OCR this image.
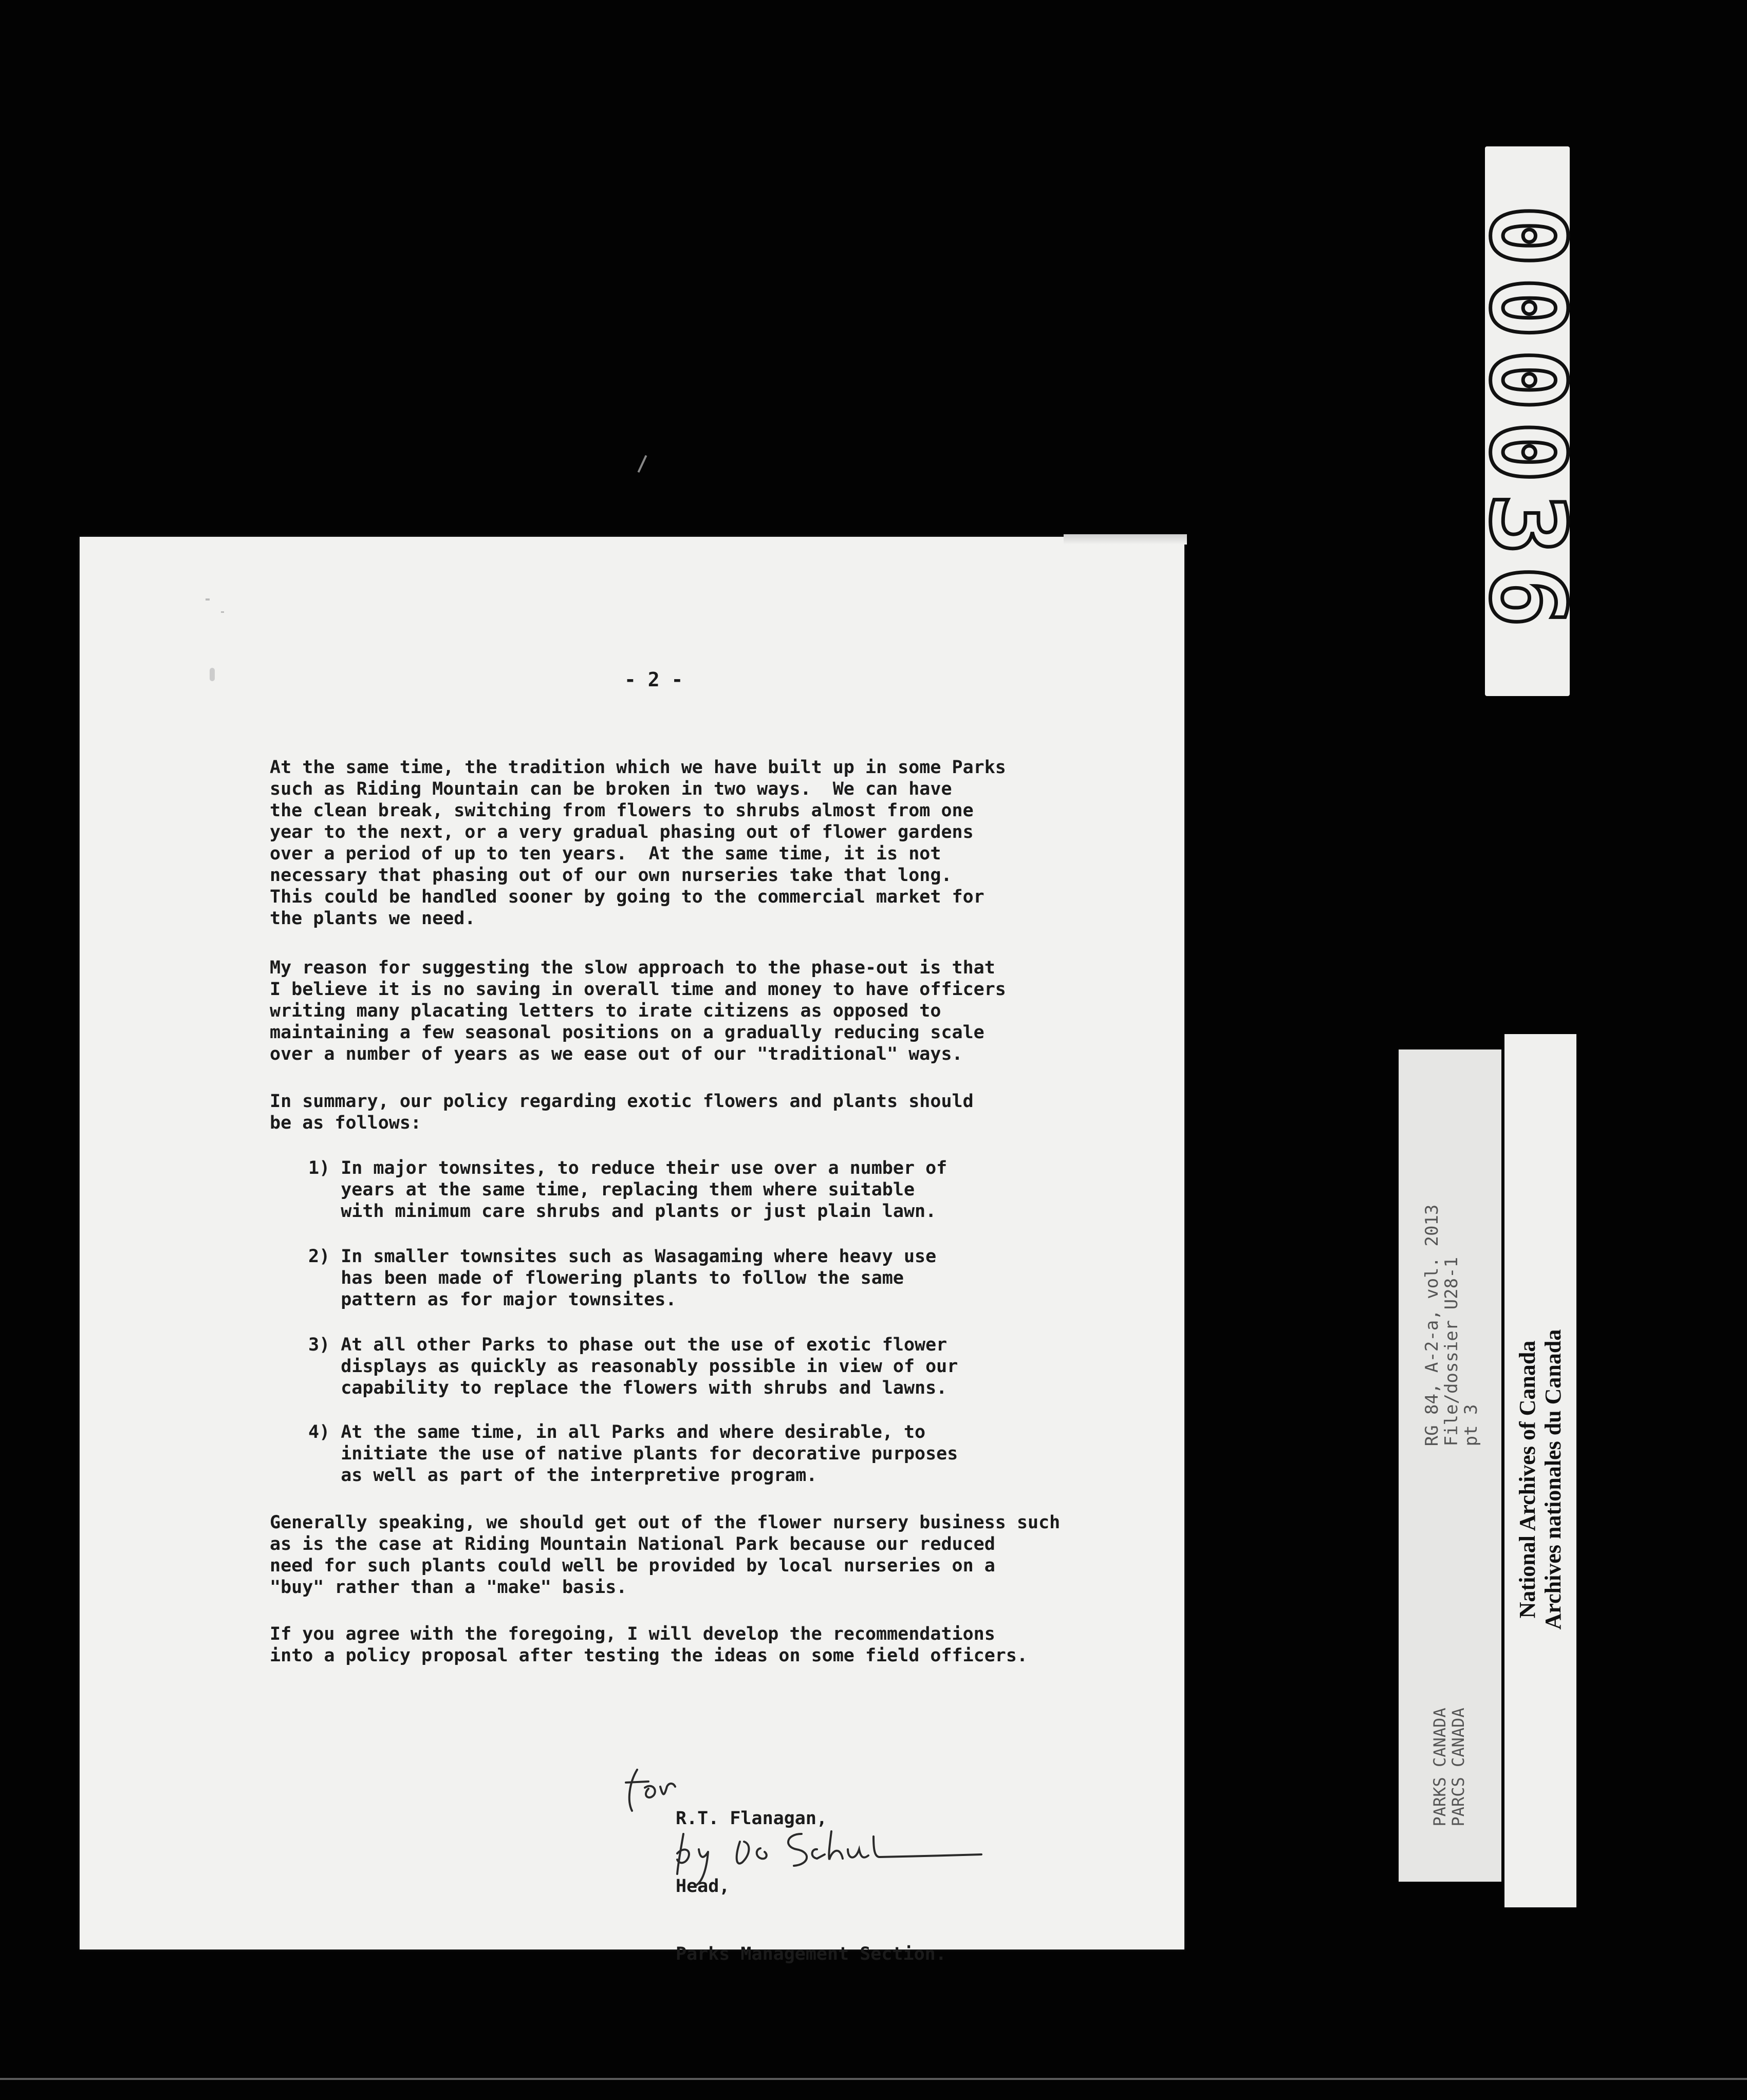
- 2 -
At the same time, the tradition which we have built up in some Parks
such as Riding Mountain can be broken in two ways.  We can have
the clean break, switching from flowers to shrubs almost from one
year to the next, or a very gradual phasing out of flower gardens
over a period of up to ten years.  At the same time, it is not
necessary that phasing out of our own nurseries take that long.
This could be handled sooner by going to the commercial market for
the plants we need.
My reason for suggesting the slow approach to the phase-out is that
I believe it is no saving in overall time and money to have officers
writing many placating letters to irate citizens as opposed to
maintaining a few seasonal positions on a gradually reducing scale
over a number of years as we ease out of our "traditional" ways.
In summary, our policy regarding exotic flowers and plants should
be as follows:
1) In major townsites, to reduce their use over a number of
years at the same time, replacing them where suitable
with minimum care shrubs and plants or just plain lawn.
2) In smaller townsites such as Wasagaming where heavy use
has been made of flowering plants to follow the same
pattern as for major townsites.
3) At all other Parks to phase out the use of exotic flower
displays as quickly as reasonably possible in view of our
capability to replace the flowers with shrubs and lawns.
4) At the same time, in all Parks and where desirable, to
initiate the use of native plants for decorative purposes
as well as part of the interpretive program.
Generally speaking, we should get out of the flower nursery business such
as is the case at Riding Mountain National Park because our reduced
need for such plants could well be provided by local nurseries on a
"buy" rather than a "make" basis.
If you agree with the foregoing, I will develop the recommendations
into a policy proposal after testing the ideas on some field officers.

R.T. Flanagan,

Head,

Parks Management Section.

000036
RG 84, A-2-a, vol. 2013
File/dossier U28-1
pt 3
PARKS CANADA
PARCS CANADA
National Archives of Canada
Archives nationales du Canada
